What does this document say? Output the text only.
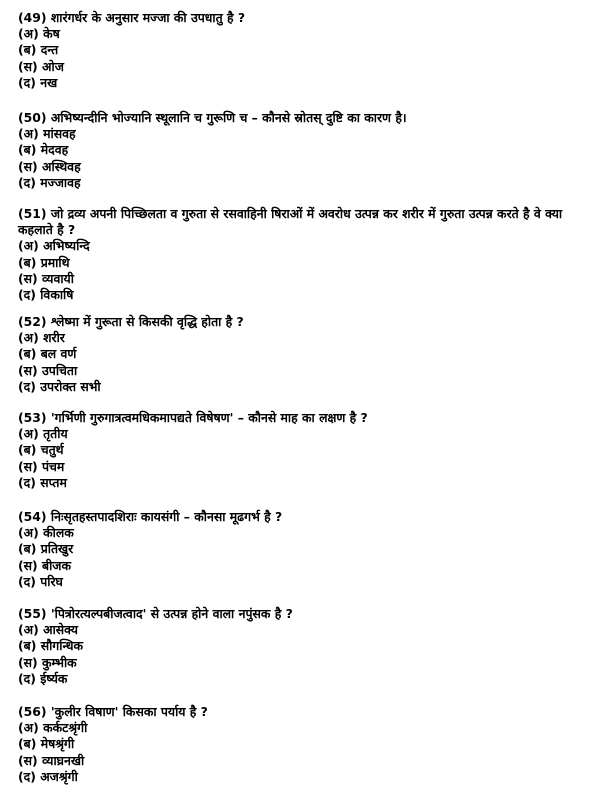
(49) शारंगर्धर के अनुसार मज्जा की उपधातु है ?
(अ) केष
(ब) दन्त
(स) ओज
(द) नख
(50) अभिष्यन्दीनि भोज्यानि स्थूलानि च गुरूणि च – कौनसे स्रोतस् दुष्टि का कारण है।
(अ) मांसवह
(ब) मेदवह
(स) अस्थिवह
(द) मज्जावह
(51) जो द्रव्य अपनी पिच्छिलता व गुरुता से रसवाहिनी षिराओं में अवरोध उत्पन्न कर शरीर में गुरुता उत्पन्न करते है वे क्या कहलाते है ?
(अ) अभिष्यन्दि
(ब) प्रमाथि
(स) व्यवायी
(द) विकाषि
(52) श्लेष्मा में गुरूता से किसकी वृद्धि होता है ?
(अ) शरीर
(ब) बल वर्ण
(स) उपचिता
(द) उपरोक्त सभी
(53) 'गर्भिणी गुरुगात्रत्वमधिकमापद्यते विषेषण' – कौनसे माह का लक्षण है ?
(अ) तृतीय
(ब) चतुर्थ
(स) पंचम
(द) सप्तम
(54) निःसृतहस्तपादशिराः कायसंगी – कौनसा मूढगर्भ है ?
(अ) कीलक
(ब) प्रतिखुर
(स) बीजक
(द) परिघ
(55) 'पित्रोरत्यल्पबीजत्वाद' से उत्पन्न होने वाला नपुंसक है ?
(अ) आसेक्य
(ब) सौगन्धिक
(स) कुम्भीक
(द) ईर्ष्यक
(56) 'कुलीर विषाण' किसका पर्याय है ?
(अ) कर्कटश्रृंगी
(ब) मेषश्रृंगी
(स) व्याघ्रनखी
(द) अजश्रृंगी
